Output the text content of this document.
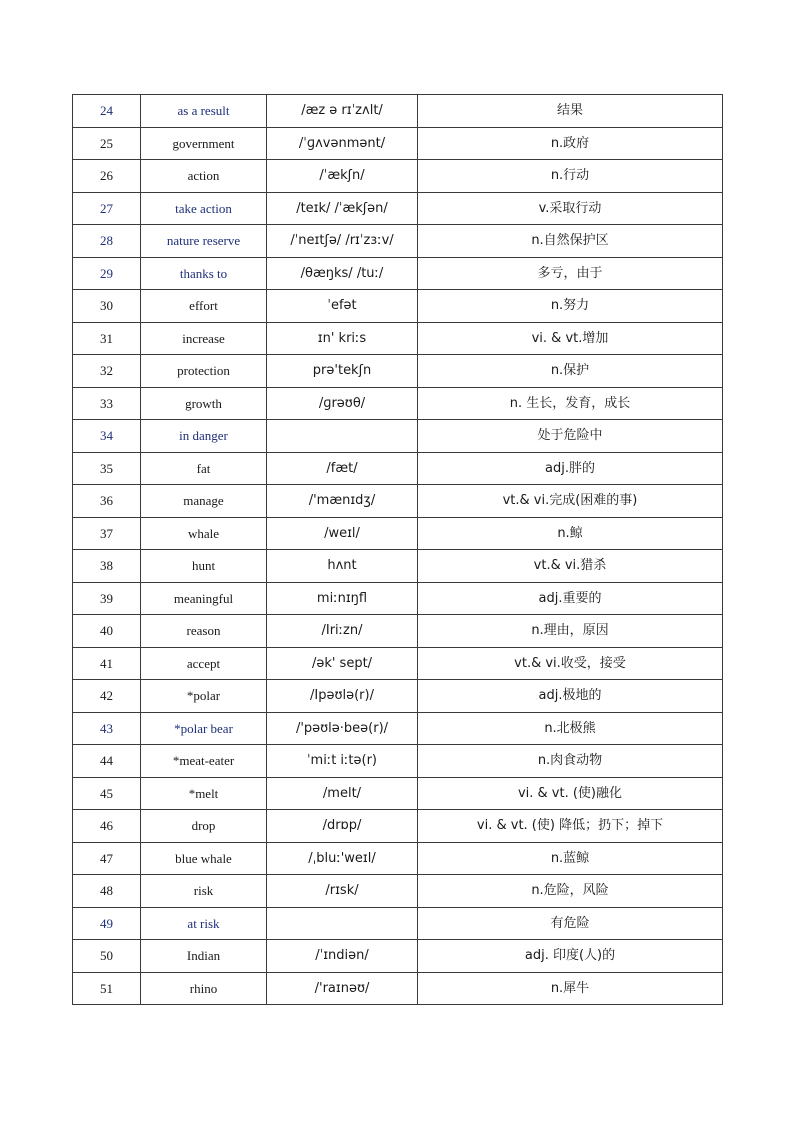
24	as a result	/æz ə rɪˈzʌlt/	结果
25	government	/ˈɡʌvənmənt/	n.政府
26	action	/ˈækʃn/	n.行动
27	take action	/teɪk/ /ˈækʃən/	v.采取行动
28	nature reserve	/ˈneɪtʃə/ /rɪˈzɜːv/	n.自然保护区
29	thanks to	/θæŋks/ /tuː/	多亏，由于
30	effort	ˈefət	n.努力
31	increase	ɪn' kriːs	vi. & vt.增加
32	protection	prə'tekʃn	n.保护
33	growth	/ɡrəʊθ/	n. 生长，发育，成长
34	in danger		处于危险中
35	fat	/fæt/	adj.胖的
36	manage	/'mænɪdʒ/	vt.& vi.完成(困难的事)
37	whale	/weɪl/	n.鲸
38	hunt	hʌnt	vt.& vi.猎杀
39	meaningful	miːnɪŋfl	adj.重要的
40	reason	/Iriːzn/	n.理由，原因
41	accept	/ək' sept/	vt.& vi.收受，接受
42	*polar	/Ipəʊlə(r)/	adj.极地的
43	*polar bear	/'pəʊlə·beə(r)/	n.北极熊
44	*meat-eater	ˈmiːt iːtə(r)	n.肉食动物
45	*melt	/melt/	vi. & vt. (使)融化
46	drop	/drɒp/	vi. & vt. (使) 降低；扔下；掉下
47	blue whale	/ˌbluː'weɪl/	n.蓝鲸
48	risk	/rɪsk/	n.危险，风险
49	at risk		有危险
50	Indian	/ˈɪndiən/	adj. 印度(人)的
51	rhino	/'raɪnəʊ/	n.犀牛
